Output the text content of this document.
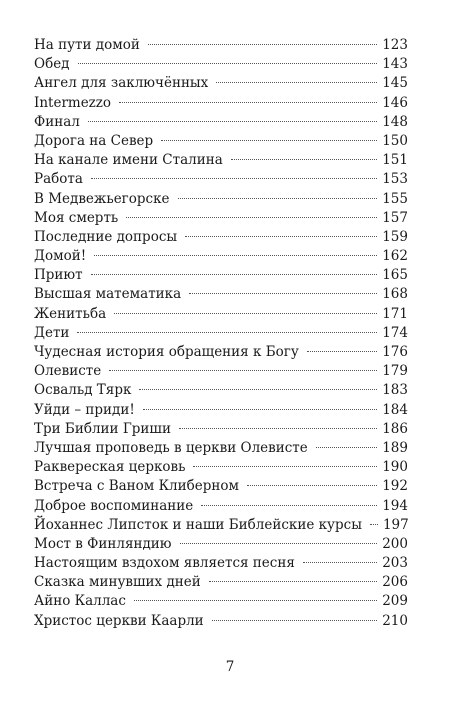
На пути домой	123
Обед	143
Ангел для заключённых	145
Intermezzo	146
Финал	148
Дорога на Север	150
На канале имени Сталина	151
Работа	153
В Медвежьегорске	155
Моя смерть	157
Последние допросы	159
Домой!	162
Приют	165
Высшая математика	168
Женитьба	171
Дети	174
Чудесная история обращения к Богу	176
Олевисте	179
Освальд Тярк	183
Уйди – приди!	184
Три Библии Гриши	186
Лучшая проповедь в церкви Олевисте	189
Раквереская церковь	190
Встреча с Ваном Клиберном	192
Доброе воспоминание	194
Йоханнес Липсток и наши Библейские курсы 197
Мост в Финляндию	200
Настоящим вздохом является песня	203
Сказка минувших дней	206
Айно Каллас	209
Христос церкви Каарли	210
7
